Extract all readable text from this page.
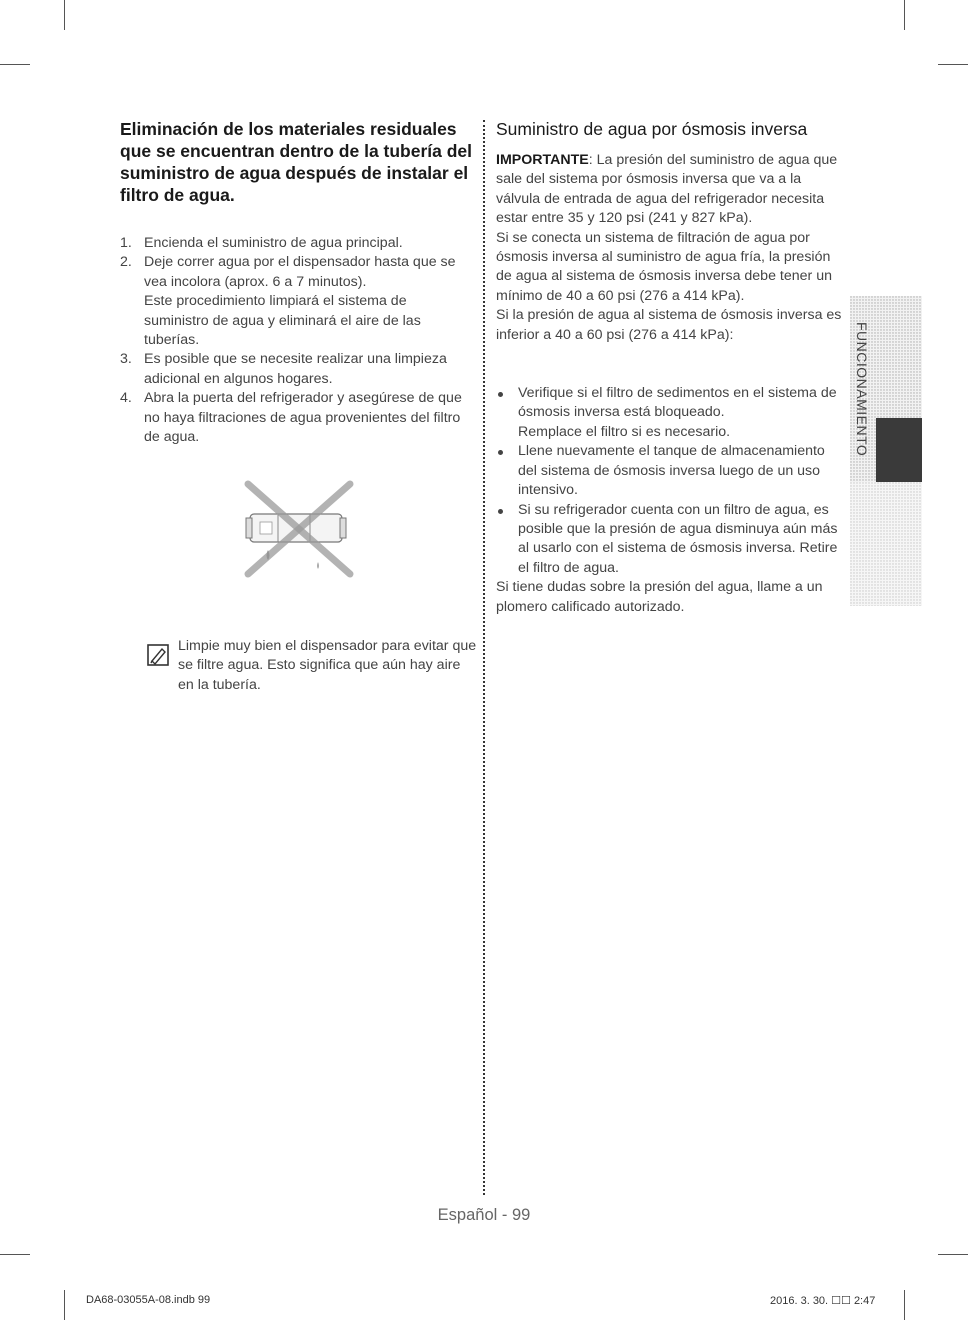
Eliminación de los materiales residuales que se encuentran dentro de la tubería del suministro de agua después de instalar el filtro de agua.
1. Encienda el suministro de agua principal.
2. Deje correr agua por el dispensador hasta que se vea incolora (aprox. 6 a 7 minutos).
Este procedimiento limpiará el sistema de suministro de agua y eliminará el aire de las tuberías.
3. Es posible que se necesite realizar una limpieza adicional en algunos hogares.
4. Abra la puerta del refrigerador y asegúrese de que no haya filtraciones de agua provenientes del filtro de agua.
Limpie muy bien el dispensador para evitar que se filtre agua. Esto significa que aún hay aire en la tubería.
Suministro de agua por ósmosis inversa

IMPORTANTE: La presión del suministro de agua que sale del sistema por ósmosis inversa que va a la válvula de entrada de agua del refrigerador necesita estar entre 35 y 120 psi (241 y 827 kPa).

Si se conecta un sistema de filtración de agua por ósmosis inversa al suministro de agua fría, la presión de agua al sistema de ósmosis inversa debe tener un mínimo de 40 a 60 psi (276 a 414 kPa).

Si la presión de agua al sistema de ósmosis inversa es inferior a 40 a 60 psi (276 a 414 kPa):

Verifique si el filtro de sedimentos en el sistema de ósmosis inversa está bloqueado.
Remplace el filtro si es necesario.
Llene nuevamente el tanque de almacenamiento del sistema de ósmosis inversa luego de un uso intensivo.
Si su refrigerador cuenta con un filtro de agua, es posible que la presión de agua disminuya aún más al usarlo con el sistema de ósmosis inversa. Retire el filtro de agua.

Si tiene dudas sobre la presión del agua, llame a un plomero calificado autorizado.

FUNCIONAMIENTO
Español - 99
DA68-03055A-08.indb 99	2016. 3. 30. ☐☐ 2:47
